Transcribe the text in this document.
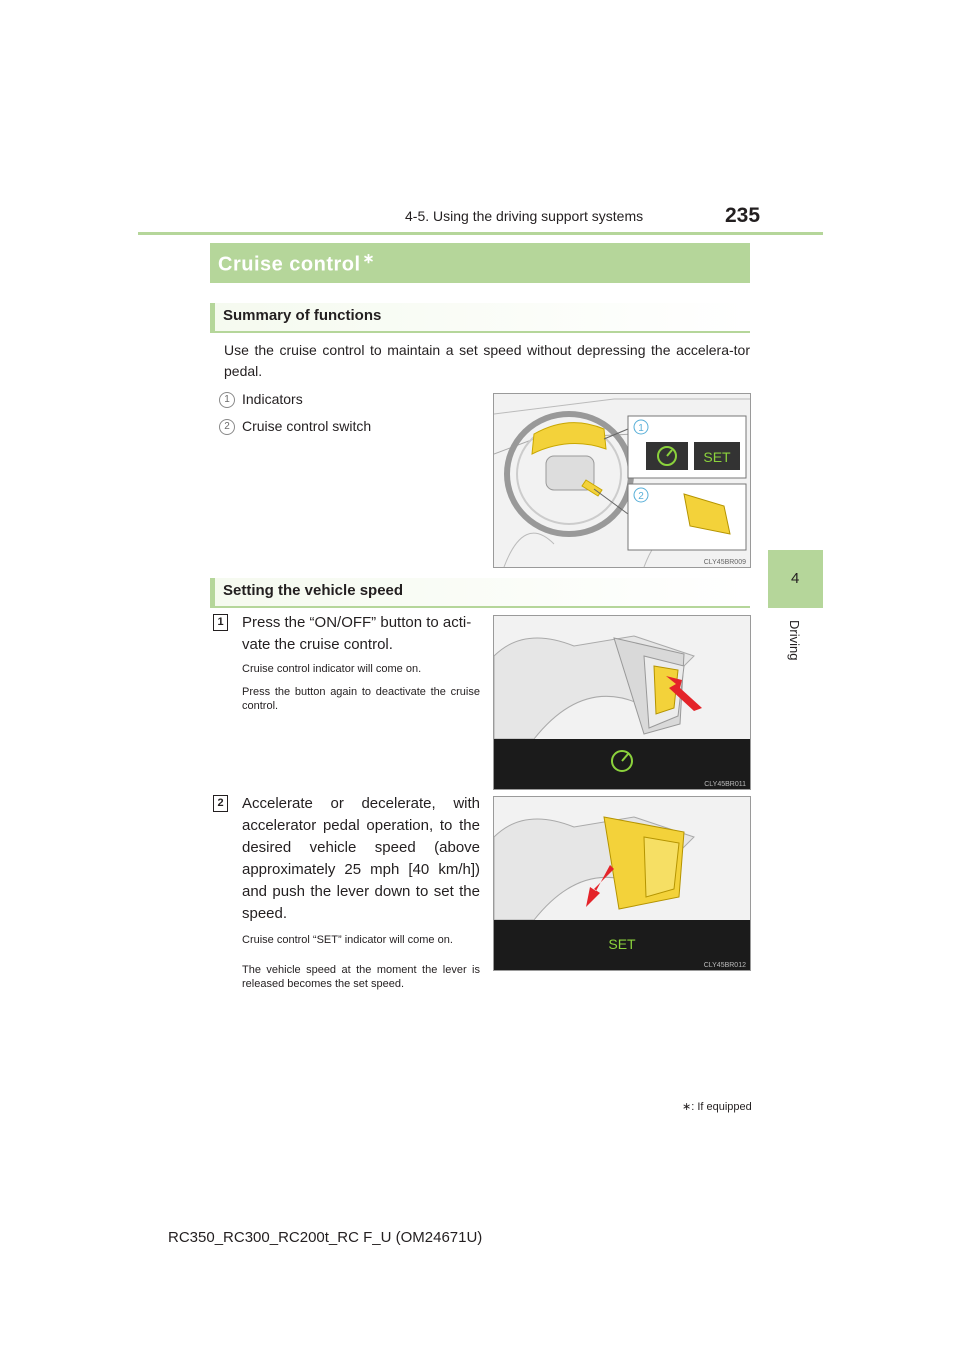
4-5. Using the driving support systems	235
4
Driving
Cruise control ∗
Summary of functions
Use the cruise control to maintain a set speed without depressing the accelera-tor pedal.
1 Indicators
2 Cruise control switch	1
SET
2
CLY45BR009
Setting the vehicle speed
1 Press the “ON/OFF” button to acti-vate the cruise control.
Cruise control indicator will come on.
Press the button again to deactivate the cruise control.
CLY45BR011
2 Accelerate or decelerate, with accelerator pedal operation, to the desired vehicle speed (above approximately 25 mph [40 km/h]) and push the lever down to set the speed.
Cruise control “SET” indicator will come on.
The vehicle speed at the moment the lever is released becomes the set speed.
SET
CLY45BR012
∗: If equipped
RC350_RC300_RC200t_RC F_U (OM24671U)
